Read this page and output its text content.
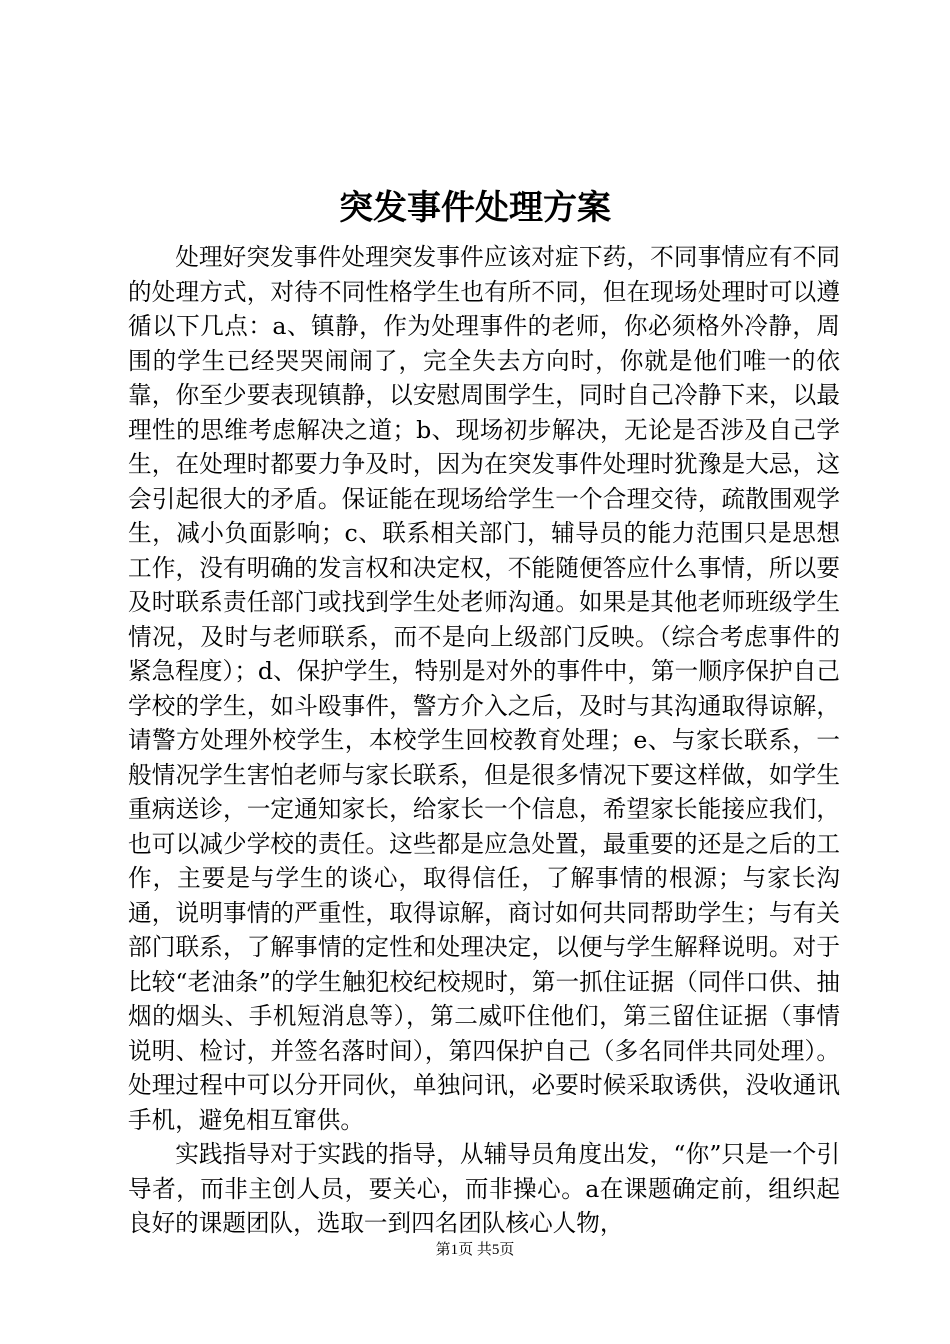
突发事件处理方案

处理好突发事件处理突发事件应该对症下药，不同事情应有不同的处理方式，对待不同性格学生也有所不同，但在现场处理时可以遵循以下几点：a、镇静，作为处理事件的老师，你必须格外冷静，周围的学生已经哭哭闹闹了，完全失去方向时，你就是他们唯一的依靠，你至少要表现镇静，以安慰周围学生，同时自己冷静下来，以最理性的思维考虑解决之道；b、现场初步解决，无论是否涉及自己学生，在处理时都要力争及时，因为在突发事件处理时犹豫是大忌，这会引起很大的矛盾。保证能在现场给学生一个合理交待，疏散围观学生，减小负面影响；c、联系相关部门，辅导员的能力范围只是思想工作，没有明确的发言权和决定权，不能随便答应什么事情，所以要及时联系责任部门或找到学生处老师沟通。如果是其他老师班级学生情况，及时与老师联系，而不是向上级部门反映。（综合考虑事件的紧急程度）；d、保护学生，特别是对外的事件中，第一顺序保护自己学校的学生，如斗殴事件，警方介入之后，及时与其沟通取得谅解，请警方处理外校学生，本校学生回校教育处理；e、与家长联系，一般情况学生害怕老师与家长联系，但是很多情况下要这样做，如学生重病送诊，一定通知家长，给家长一个信息，希望家长能接应我们，也可以减少学校的责任。这些都是应急处置，最重要的还是之后的工作，主要是与学生的谈心，取得信任，了解事情的根源；与家长沟通，说明事情的严重性，取得谅解，商讨如何共同帮助学生；与有关部门联系，了解事情的定性和处理决定，以便与学生解释说明。对于比较“老油条”的学生触犯校纪校规时，第一抓住证据（同伴口供、抽烟的烟头、手机短消息等），第二威吓住他们，第三留住证据（事情说明、检讨，并签名落时间），第四保护自己（多名同伴共同处理）。处理过程中可以分开同伙，单独问讯，必要时候采取诱供，没收通讯手机，避免相互窜供。

实践指导对于实践的指导，从辅导员角度出发，“你”只是一个引导者，而非主创人员，要关心，而非操心。a在课题确定前，组织起良好的课题团队，选取一到四名团队核心人物，

第1页 共5页
